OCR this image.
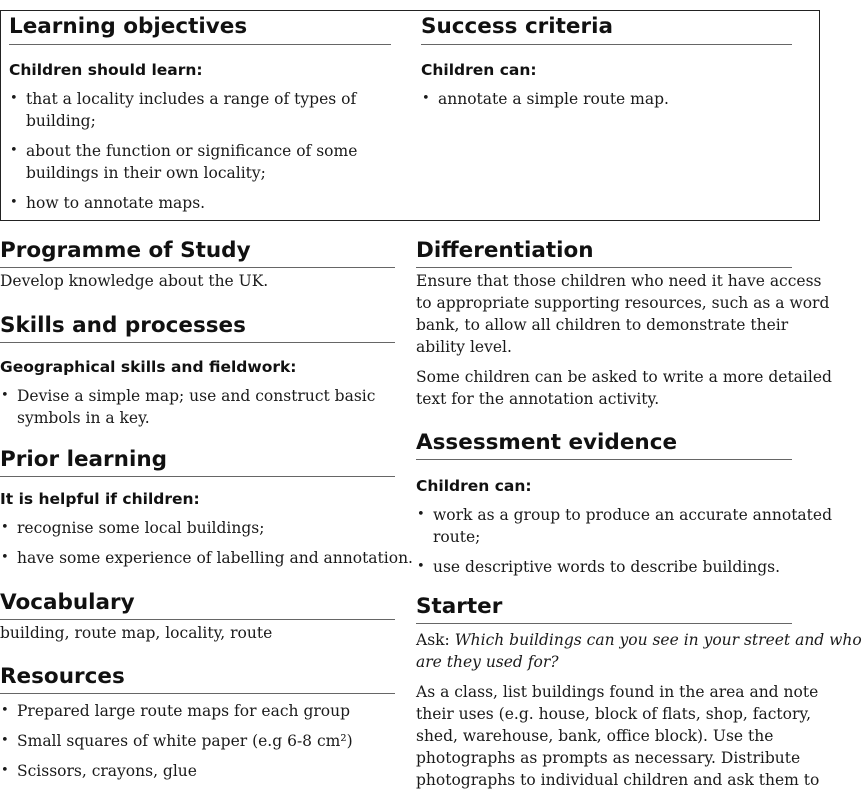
Learning objectives
Children should learn:
• that a locality includes a range of types of
building;
• about the function or significance of some
buildings in their own locality;
• how to annotate maps.
Success criteria
Children can:
• annotate a simple route map.
Programme of Study
Develop knowledge about the UK.
Skills and processes
Geographical skills and fieldwork:
• Devise a simple map; use and construct basic
symbols in a key.
Prior learning
It is helpful if children:
• recognise some local buildings;
• have some experience of labelling and annotation.
Vocabulary
building, route map, locality, route
Resources
• Prepared large route maps for each group
• Small squares of white paper (e.g 6-8 cm²)
• Scissors, crayons, glue
Differentiation
Ensure that those children who need it have access
to appropriate supporting resources, such as a word
bank, to allow all children to demonstrate their
ability level.
Some children can be asked to write a more detailed
text for the annotation activity.
Assessment evidence
Children can:
• work as a group to produce an accurate annotated
route;
• use descriptive words to describe buildings.
Starter
Ask: Which buildings can you see in your street and who
are they used for?
As a class, list buildings found in the area and note
their uses (e.g. house, block of flats, shop, factory,
shed, warehouse, bank, office block). Use the
photographs as prompts as necessary. Distribute
photographs to individual children and ask them to
